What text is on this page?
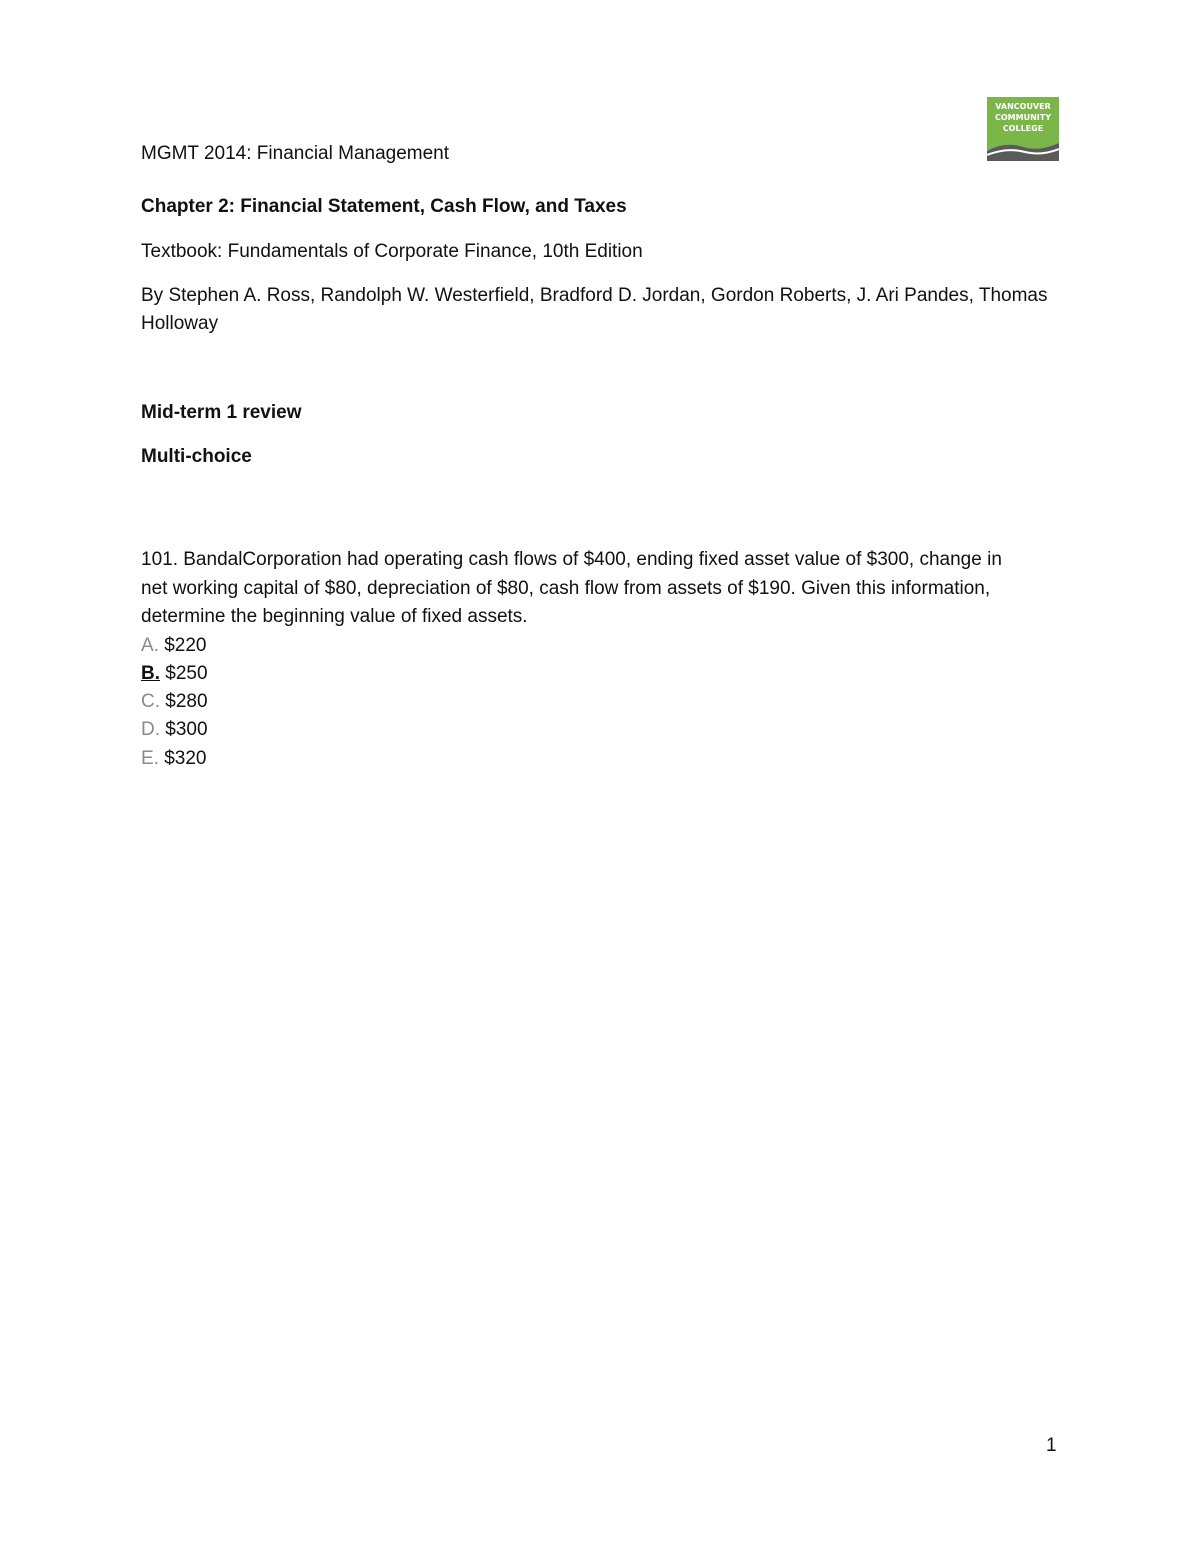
MGMT 2014: Financial Management
VANCOUVER
COMMUNITY
COLLEGE
Chapter 2: Financial Statement, Cash Flow, and Taxes
Textbook: Fundamentals of Corporate Finance, 10th Edition
By Stephen A. Ross, Randolph W. Westerfield, Bradford D. Jordan, Gordon Roberts, J. Ari Pandes, Thomas
Holloway
Mid-term 1 review
Multi-choice
101. BandalCorporation had operating cash flows of $400, ending fixed asset value of $300, change in
net working capital of $80, depreciation of $80, cash flow from assets of $190. Given this information,
determine the beginning value of fixed assets.
A. $220
B. $250
C. $280
D. $300
E. $320
1
